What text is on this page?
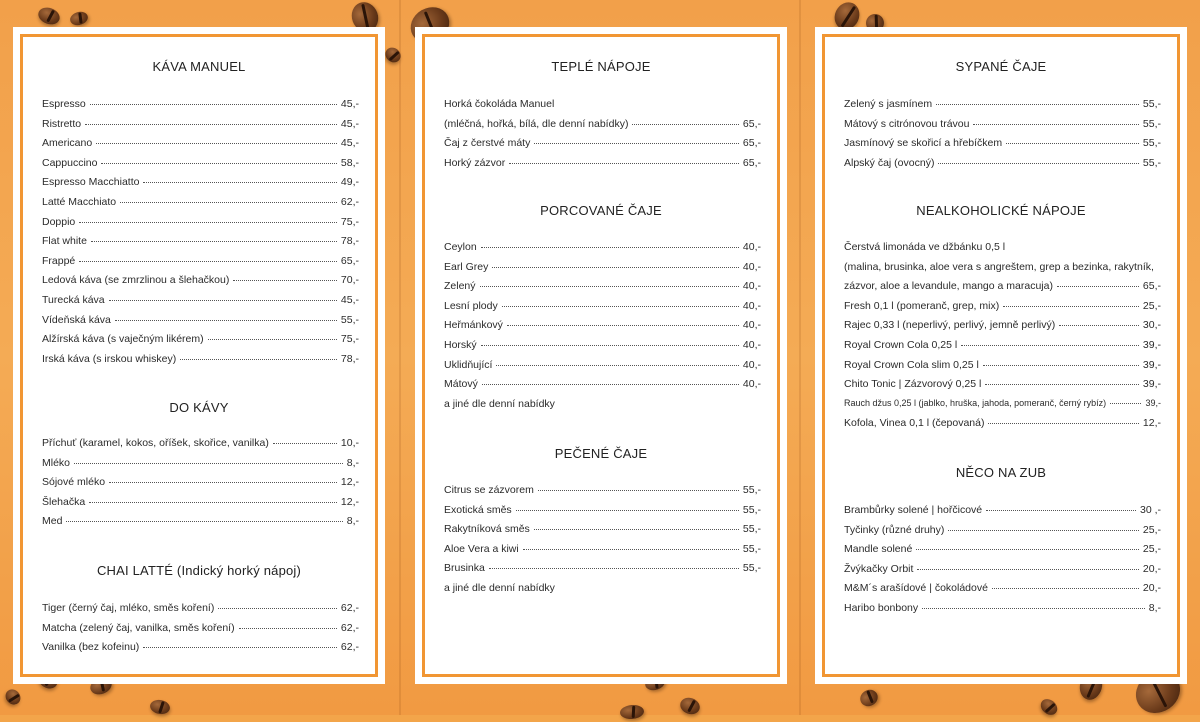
KÁVA MANUEL
Espresso	45,-
Ristretto	45,-
Americano	45,-
Cappuccino	58,-
Espresso Macchiatto	49,-
Latté Macchiato	62,-
Doppio	75,-
Flat white	78,-
Frappé	65,-
Ledová káva (se zmrzlinou a šlehačkou)	70,-
Turecká káva	45,-
Vídeňská káva	55,-
Alžírská káva (s vaječným likérem)	75,-
Irská káva (s irskou whiskey)	78,-
DO KÁVY
Příchuť (karamel, kokos, oříšek, skořice, vanilka)	10,-
Mléko	8,-
Sójové mléko	12,-
Šlehačka	12,-
Med	8,-
CHAI LATTÉ (Indický horký nápoj)
Tiger (černý čaj, mléko, směs koření)	62,-
Matcha (zelený čaj, vanilka, směs koření)	62,-
Vanilka (bez kofeinu)	62,-
TEPLÉ NÁPOJE
Horká čokoláda Manuel
(mléčná, hořká, bílá, dle denní nabídky)	65,-
Čaj z čerstvé máty	65,-
Horký zázvor	65,-
PORCOVANÉ ČAJE
Ceylon	40,-
Earl Grey	40,-
Zelený	40,-
Lesní plody	40,-
Heřmánkový	40,-
Horský	40,-
Uklidňující	40,-
Mátový	40,-
a jiné dle denní nabídky
PEČENÉ ČAJE
Citrus se zázvorem	55,-
Exotická směs	55,-
Rakytníková směs	55,-
Aloe Vera a kiwi	55,-
Brusinka	55,-
a jiné dle denní nabídky
SYPANÉ ČAJE
Zelený s jasmínem	55,-
Mátový s citrónovou trávou	55,-
Jasmínový se skořicí a hřebíčkem	55,-
Alpský čaj (ovocný)	55,-
NEALKOHOLICKÉ NÁPOJE
Čerstvá limonáda ve džbánku 0,5 l
(malina, brusinka, aloe vera s angreštem, grep a bezinka, rakytník,
zázvor, aloe a levandule, mango a maracuja)	65,-
Fresh 0,1 l (pomeranč, grep, mix)	25,-
Rajec 0,33 l (neperlivý, perlivý, jemně perlivý)	30,-
Royal Crown Cola 0,25 l	39,-
Royal Crown Cola slim 0,25 l	39,-
Chito Tonic | Zázvorový 0,25 l	39,-
Rauch džus 0,25 l (jablko, hruška, jahoda, pomeranč, černý rybíz)	39,-
Kofola, Vinea 0,1 l (čepovaná)	12,-
NĚCO NA ZUB
Brambůrky solené | hořčicové	30 ,-
Tyčinky (různé druhy)	25,-
Mandle solené	25,-
Žvýkačky Orbit	20,-
M&M´s arašídové | čokoládové	20,-
Haribo bonbony	8,-
